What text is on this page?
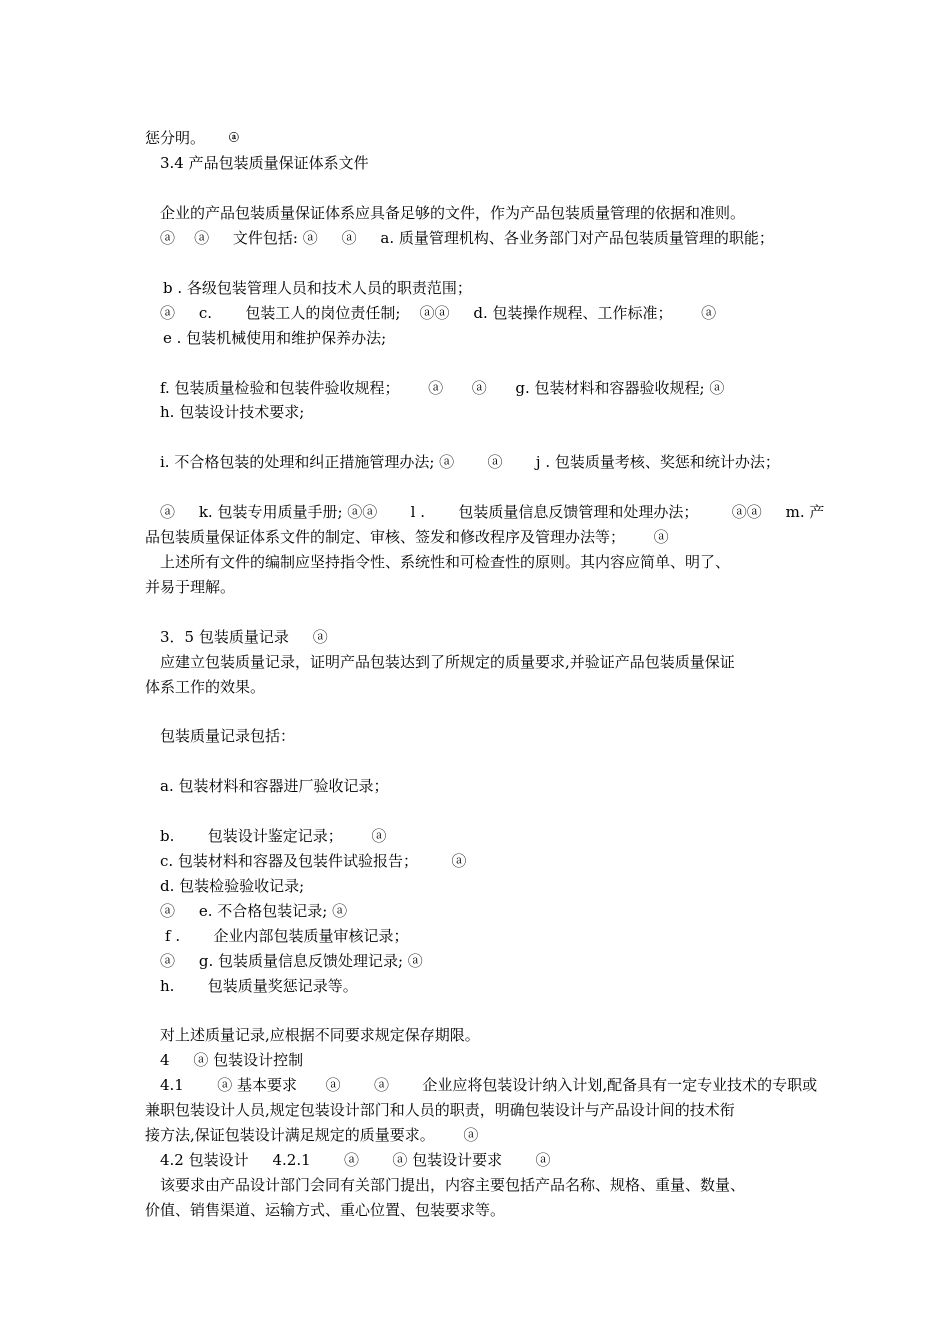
惩分明。     ⓐ

3.4 产品包装质量保证体系文件

企业的产品包装质量保证体系应具备足够的文件，作为产品包装质量管理的依据和准则。

ⓐ    ⓐ     文件包括: ⓐ     ⓐ     a. 质量管理机构、各业务部门对产品包装质量管理的职能；

b . 各级包装管理人员和技术人员的职责范围；

ⓐ     c.       包装工人的岗位责任制;    ⓐⓐ     d. 包装操作规程、工作标准；      ⓐ

e . 包装机械使用和维护保养办法;

f. 包装质量检验和包装件验收规程；      ⓐ      ⓐ      g. 包装材料和容器验收规程; ⓐ

h. 包装设计技术要求;

i. 不合格包装的处理和纠正措施管理办法; ⓐ       ⓐ       j . 包装质量考核、奖惩和统计办法；

ⓐ     k. 包装专用质量手册; ⓐⓐ       l .       包装质量信息反馈管理和处理办法；       ⓐⓐ     m. 产

品包装质量保证体系文件的制定、审核、签发和修改程序及管理办法等；      ⓐ

上述所有文件的编制应坚持指令性、系统性和可检查性的原则。其内容应简单、明了、

并易于理解。

3．5 包装质量记录     ⓐ

应建立包装质量记录，证明产品包装达到了所规定的质量要求,并验证产品包装质量保证

体系工作的效果。

包装质量记录包括：

a. 包装材料和容器进厂验收记录；

b.       包装设计鉴定记录；      ⓐ

c. 包装材料和容器及包装件试验报告；       ⓐ

d. 包装检验验收记录;

ⓐ     e. 不合格包装记录; ⓐ

f .       企业内部包装质量审核记录；

ⓐ     g. 包装质量信息反馈处理记录; ⓐ

h.       包装质量奖惩记录等。

对上述质量记录,应根据不同要求规定保存期限。

4     ⓐ 包装设计控制

4.1       ⓐ 基本要求      ⓐ       ⓐ       企业应将包装设计纳入计划,配备具有一定专业技术的专职或

兼职包装设计人员,规定包装设计部门和人员的职责，明确包装设计与产品设计间的技术衔

接方法,保证包装设计满足规定的质量要求。      ⓐ

4.2 包装设计     4.2.1       ⓐ       ⓐ 包装设计要求       ⓐ

该要求由产品设计部门会同有关部门提出，内容主要包括产品名称、规格、重量、数量、

价值、销售渠道、运输方式、重心位置、包装要求等。
